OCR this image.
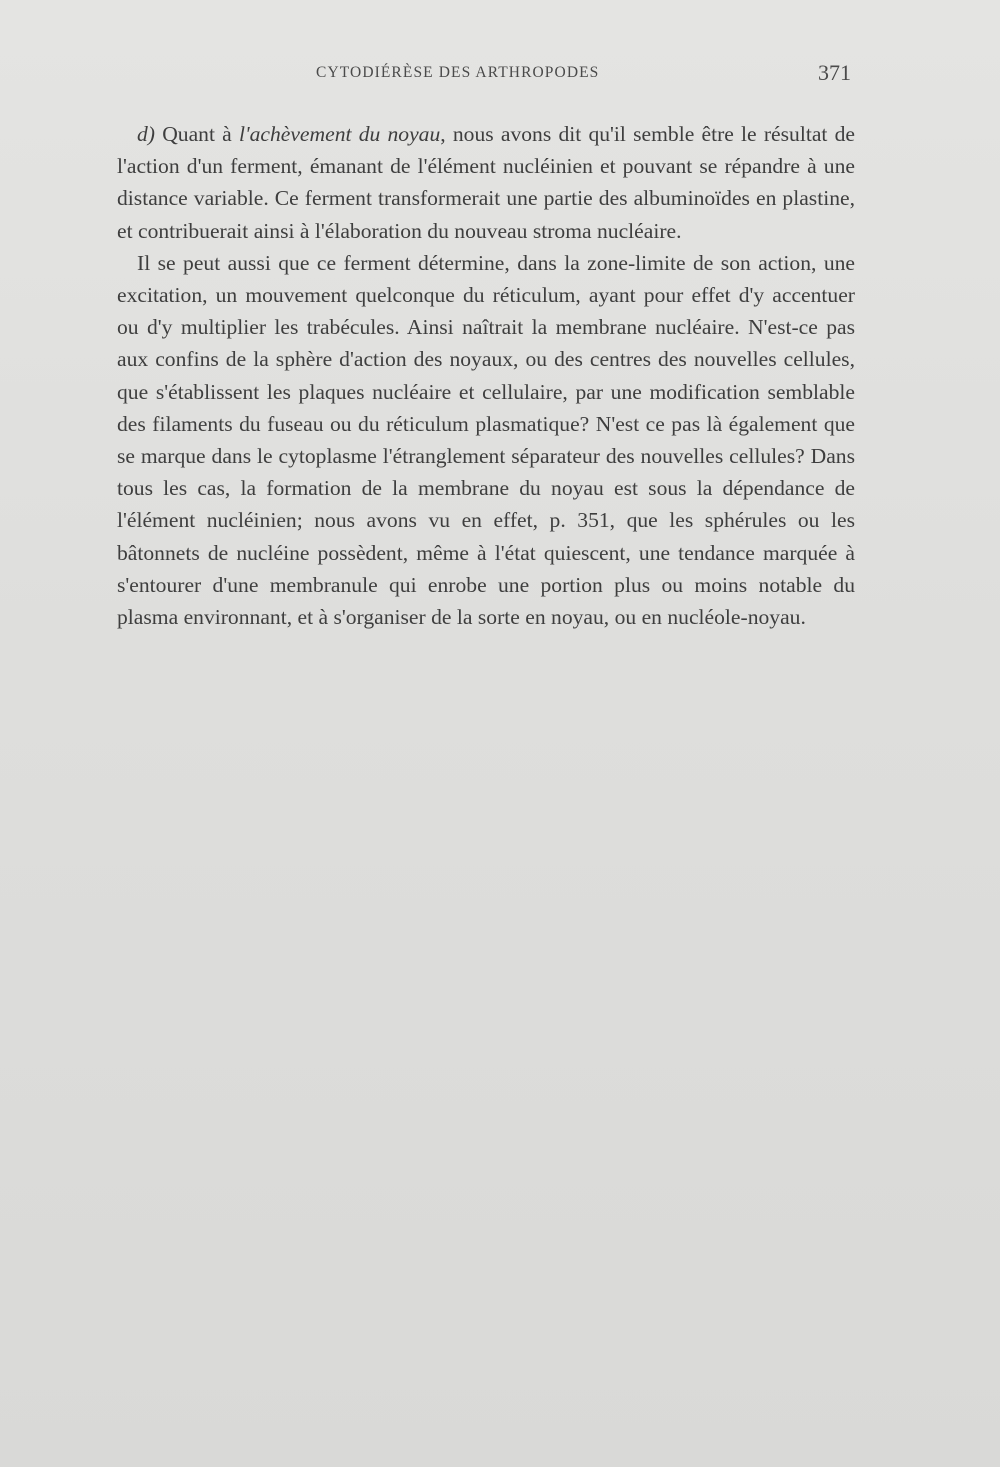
CYTODIÉRÈSE DES ARTHROPODES	371

d) Quant à l'achèvement du noyau, nous avons dit qu'il semble être le résultat de l'action d'un ferment, émanant de l'élément nucléinien et pouvant se répandre à une distance variable. Ce ferment transformerait une partie des albuminoïdes en plastine, et contribuerait ainsi à l'élaboration du nouveau stroma nucléaire.

Il se peut aussi que ce ferment détermine, dans la zone-limite de son action, une excitation, un mouvement quelconque du réticulum, ayant pour effet d'y accentuer ou d'y multiplier les trabécules. Ainsi naîtrait la membrane nucléaire. N'est-ce pas aux confins de la sphère d'action des noyaux, ou des centres des nouvelles cellules, que s'établissent les plaques nucléaire et cellulaire, par une modification semblable des filaments du fuseau ou du réticulum plasmatique? N'est ce pas là également que se marque dans le cytoplasme l'étranglement séparateur des nouvelles cellules? Dans tous les cas, la formation de la membrane du noyau est sous la dépendance de l'élément nucléinien; nous avons vu en effet, p. 351, que les sphérules ou les bâtonnets de nucléine possèdent, même à l'état quiescent, une tendance marquée à s'entourer d'une membranule qui enrobe une portion plus ou moins notable du plasma environnant, et à s'organiser de la sorte en noyau, ou en nucléole-noyau.
